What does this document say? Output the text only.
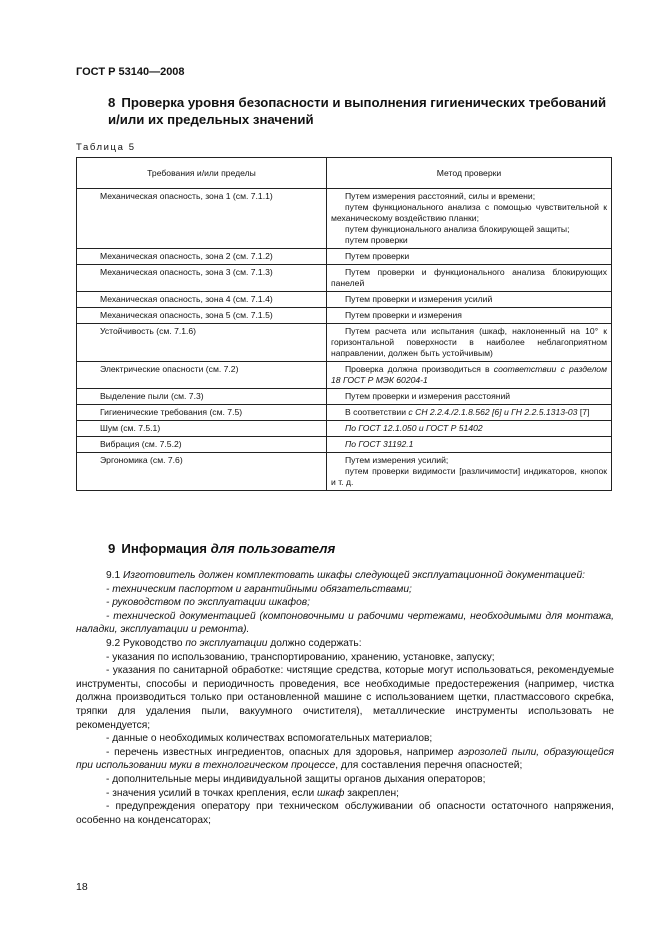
ГОСТ Р 53140—2008
8 Проверка уровня безопасности и выполнения гигиенических требований и/или их предельных значений
Таблица 5
Требования и/или пределы	Метод проверки
Механическая опасность, зона 1 (см. 7.1.1)	Путем измерения расстояний, силы и времени;
путем функционального анализа с помощью чувствительной к механическому воздействию планки;
путем функционального анализа блокирующей защиты;
путем проверки

Механическая опасность, зона 2 (см. 7.1.2)	Путем проверки

Механическая опасность, зона 3 (см. 7.1.3)	Путем проверки и функционального анализа блокирующих панелей

Механическая опасность, зона 4 (см. 7.1.4)	Путем проверки и измерения усилий

Механическая опасность, зона 5 (см. 7.1.5)	Путем проверки и измерения

Устойчивость (см. 7.1.6)	Путем расчета или испытания (шкаф, наклоненный на 10° к горизонтальной поверхности в наиболее неблагоприятном направлении, должен быть устойчивым)

Электрические опасности (см. 7.2)	Проверка должна производиться в соответствии с разделом 18 ГОСТ Р МЭК 60204-1

Выделение пыли (см. 7.3)	Путем проверки и измерения расстояний

Гигиенические требования (см. 7.5)	В соответствии с СН 2.2.4./2.1.8.562 [6] и ГН 2.2.5.1313-03 [7]

Шум (см. 7.5.1)	По ГОСТ 12.1.050 и ГОСТ Р 51402

Вибрация (см. 7.5.2)	По ГОСТ 31192.1

Эргономика (см. 7.6)	Путем измерения усилий;
путем проверки видимости [различимости] индикаторов, кнопок и т. д.
9 Информация для пользователя
9.1 Изготовитель должен комплектовать шкафы следующей эксплуатационной документацией:
- техническим паспортом и гарантийными обязательствами;
- руководством по эксплуатации шкафов;
- технической документацией (компоновочными и рабочими чертежами, необходимыми для монтажа, наладки, эксплуатации и ремонта).
9.2 Руководство по эксплуатации должно содержать:
- указания по использованию, транспортированию, хранению, установке, запуску;
- указания по санитарной обработке: чистящие средства, которые могут использоваться, рекомендуемые инструменты, способы и периодичность проведения, все необходимые предостережения (например, чистка должна производиться только при остановленной машине с использованием щетки, пластмассового скребка, тряпки для удаления пыли, вакуумного очистителя), металлические инструменты использовать не рекомендуется;
- данные о необходимых количествах вспомогательных материалов;
- перечень известных ингредиентов, опасных для здоровья, например аэрозолей пыли, образующейся при использовании муки в технологическом процессе, для составления перечня опасностей;
- дополнительные меры индивидуальной защиты органов дыхания операторов;
- значения усилий в точках крепления, если шкаф закреплен;
- предупреждения оператору при техническом обслуживании об опасности остаточного напряжения, особенно на конденсаторах;
18
